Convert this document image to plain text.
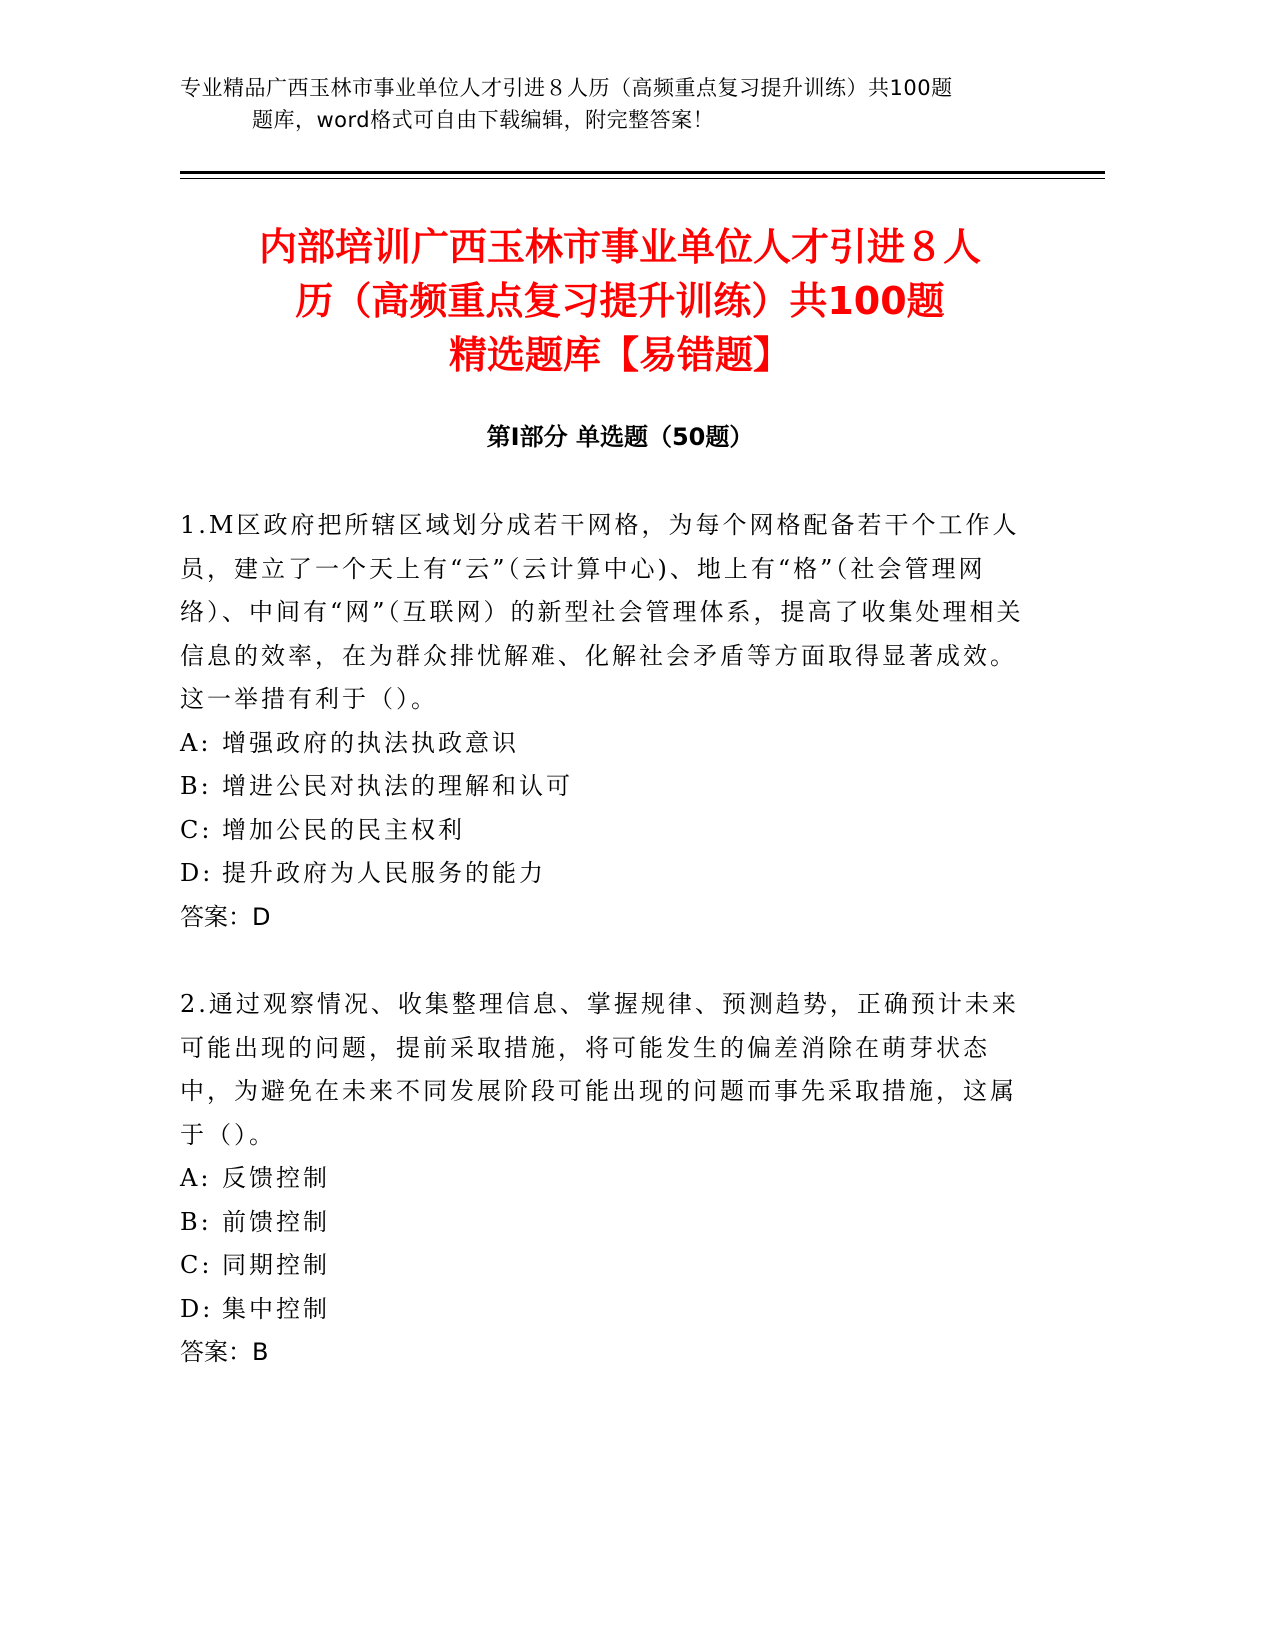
专业精品广西玉林市事业单位人才引进８人历（高频重点复习提升训练）共100题
题库，word格式可自由下载编辑，附完整答案！
内部培训广西玉林市事业单位人才引进８人
历（高频重点复习提升训练）共100题
精选题库【易错题】
第Ⅰ部分 单选题（50题）

1.M区政府把所辖区域划分成若干网格，为每个网格配备若干个工作人员，建立了一个天上有“云”（云计算中心)、地上有“格”（社会管理网络）、中间有“网”（互联网）的新型社会管理体系，提高了收集处理相关信息的效率，在为群众排忧解难、化解社会矛盾等方面取得显著成效。这一举措有利于（）。

A: 增强政府的执法执政意识

B: 增进公民对执法的理解和认可

C: 增加公民的民主权利

D: 提升政府为人民服务的能力

答案：D

2.通过观察情况、收集整理信息、掌握规律、预测趋势，正确预计未来可能出现的问题，提前采取措施，将可能发生的偏差消除在萌芽状态中，为避免在未来不同发展阶段可能出现的问题而事先采取措施，这属于（）。

A: 反馈控制

B: 前馈控制

C: 同期控制

D: 集中控制

答案：B
